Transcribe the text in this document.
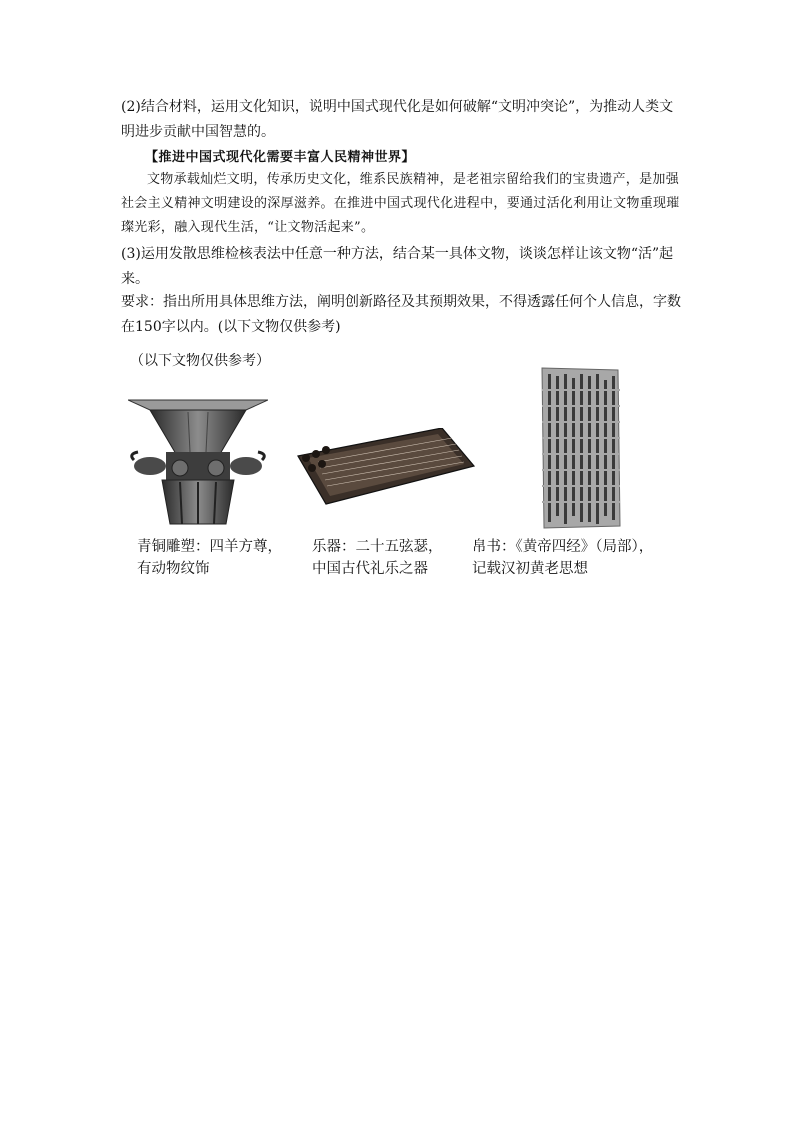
(2)结合材料，运用文化知识，说明中国式现代化是如何破解“文明冲突论”，为推动人类文明进步贡献中国智慧的。

【推进中国式现代化需要丰富人民精神世界】

文物承载灿烂文明，传承历史文化，维系民族精神，是老祖宗留给我们的宝贵遗产，是加强社会主义精神文明建设的深厚滋养。在推进中国式现代化进程中，要通过活化利用让文物重现璀璨光彩，融入现代生活，“让文物活起来”。

(3)运用发散思维检核表法中任意一种方法，结合某一具体文物，谈谈怎样让该文物“活”起来。

要求：指出所用具体思维方法，阐明创新路径及其预期效果，不得透露任何个人信息，字数在150字以内。(以下文物仅供参考)

（以下文物仅供参考）

青铜雕塑：四羊方尊，
有动物纹饰

乐器：二十五弦瑟，
中国古代礼乐之器

帛书：《黄帝四经》（局部），
记载汉初黄老思想
